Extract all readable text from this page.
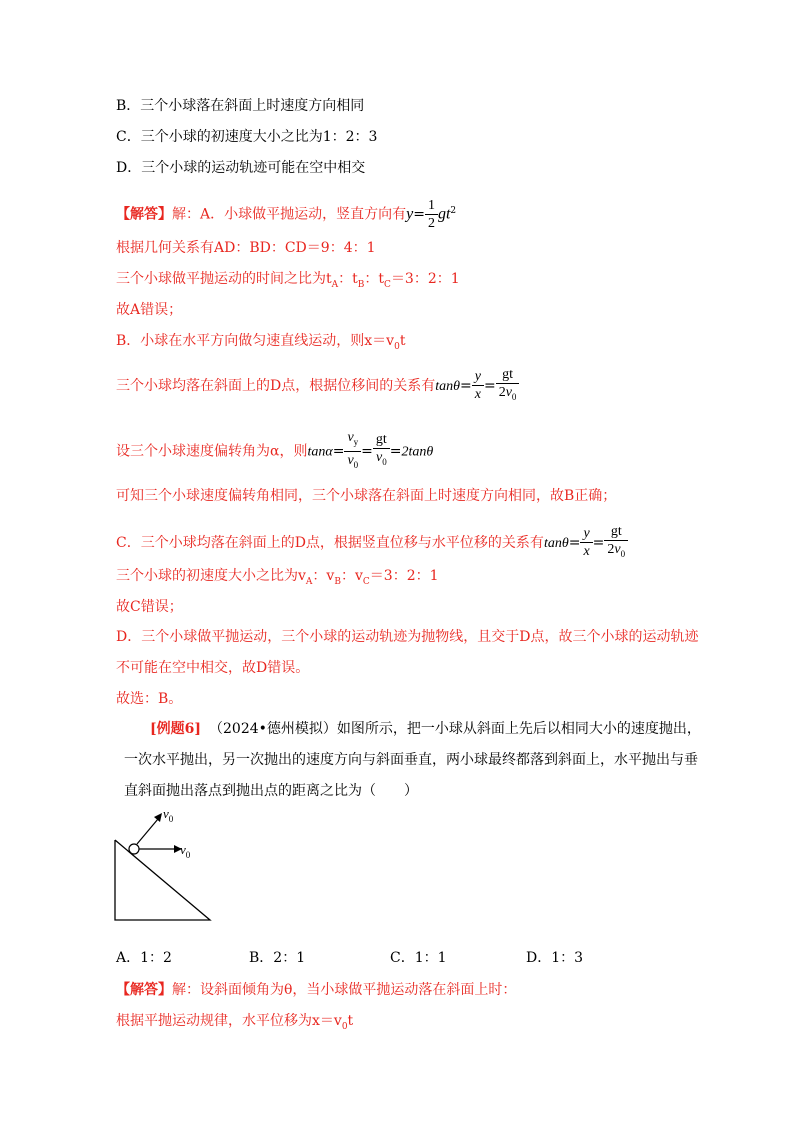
B．三个小球落在斜面上时速度方向相同
C．三个小球的初速度大小之比为1：2：3
D．三个小球的运动轨迹可能在空中相交
【解答】解：A．小球做平抛运动，竖直方向有$y= \frac{1}{2} gt^2$
根据几何关系有AD：BD：CD＝9：4：1
三个小球做平抛运动的时间之比为$t_A$：$t_B$：$t_C=3$：2：1
故A错误；
B．小球在水平方向做匀速直线运动，则$x=v_0t$
三个小球均落在斜面上的D点，根据位移间的关系有$\tan\theta= \frac{y}{x} = \frac{gt}{2v_0}$
设三个小球速度偏转角为α，则$\tan\alpha= \frac{v_y}{v_0} = \frac{gt}{v_0} =2\tan\theta$
可知三个小球速度偏转角相同，三个小球落在斜面上时速度方向相同，故B正确；
C．三个小球均落在斜面上的D点，根据竖直位移与水平位移的关系有$\tan\theta= \frac{y}{x} = \frac{gt}{2v_0}$
三个小球的初速度大小之比为$v_A$：$v_B$：$v_C=3$：2：1
故C错误；
D．三个小球做平抛运动，三个小球的运动轨迹为抛物线，且交于D点，故三个小球的运动轨迹
不可能在空中相交，故D错误。
故选：B。
[例题6] （2024•德州模拟）如图所示，把一小球从斜面上先后以相同大小的速度抛出，
一次水平抛出，另一次抛出的速度方向与斜面垂直，两小球最终都落到斜面上，水平抛出与垂
直斜面抛出落点到抛出点的距离之比为（　　）
$v_0$
$v_0$
A．1：2	B．2：1	C．1：1	D．1：3
【解答】解：设斜面倾角为θ，当小球做平抛运动落在斜面上时：
根据平抛运动规律，水平位移为$x=v_0t$
